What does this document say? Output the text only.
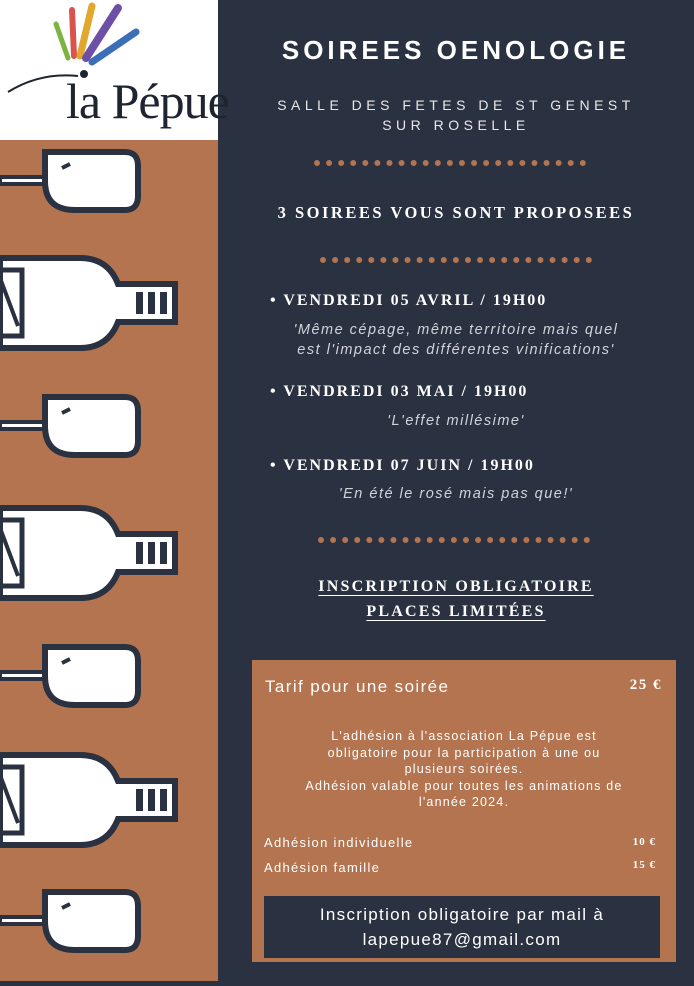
la Pépue
SOIREES OENOLOGIE
SALLE DES FETES DE ST GENEST
SUR ROSELLE
3 SOIREES VOUS SONT PROPOSEES
• VENDREDI 05 AVRIL / 19H00
'Même cépage, même territoire mais quel
est l'impact des différentes vinifications'
• VENDREDI 03 MAI / 19H00
'L'effet millésime'
• VENDREDI 07 JUIN / 19H00
'En été le rosé mais pas que!'
INSCRIPTION OBLIGATOIRE
PLACES LIMITÉES
Tarif pour une soirée	25 €
L'adhésion à l'association La Pépue est
obligatoire pour la participation à une ou
plusieurs soirées.
Adhésion valable pour toutes les animations de
l'année 2024.
Adhésion individuelle	10 €
Adhésion famille	15 €
Inscription obligatoire par mail à
lapepue87@gmail.com
